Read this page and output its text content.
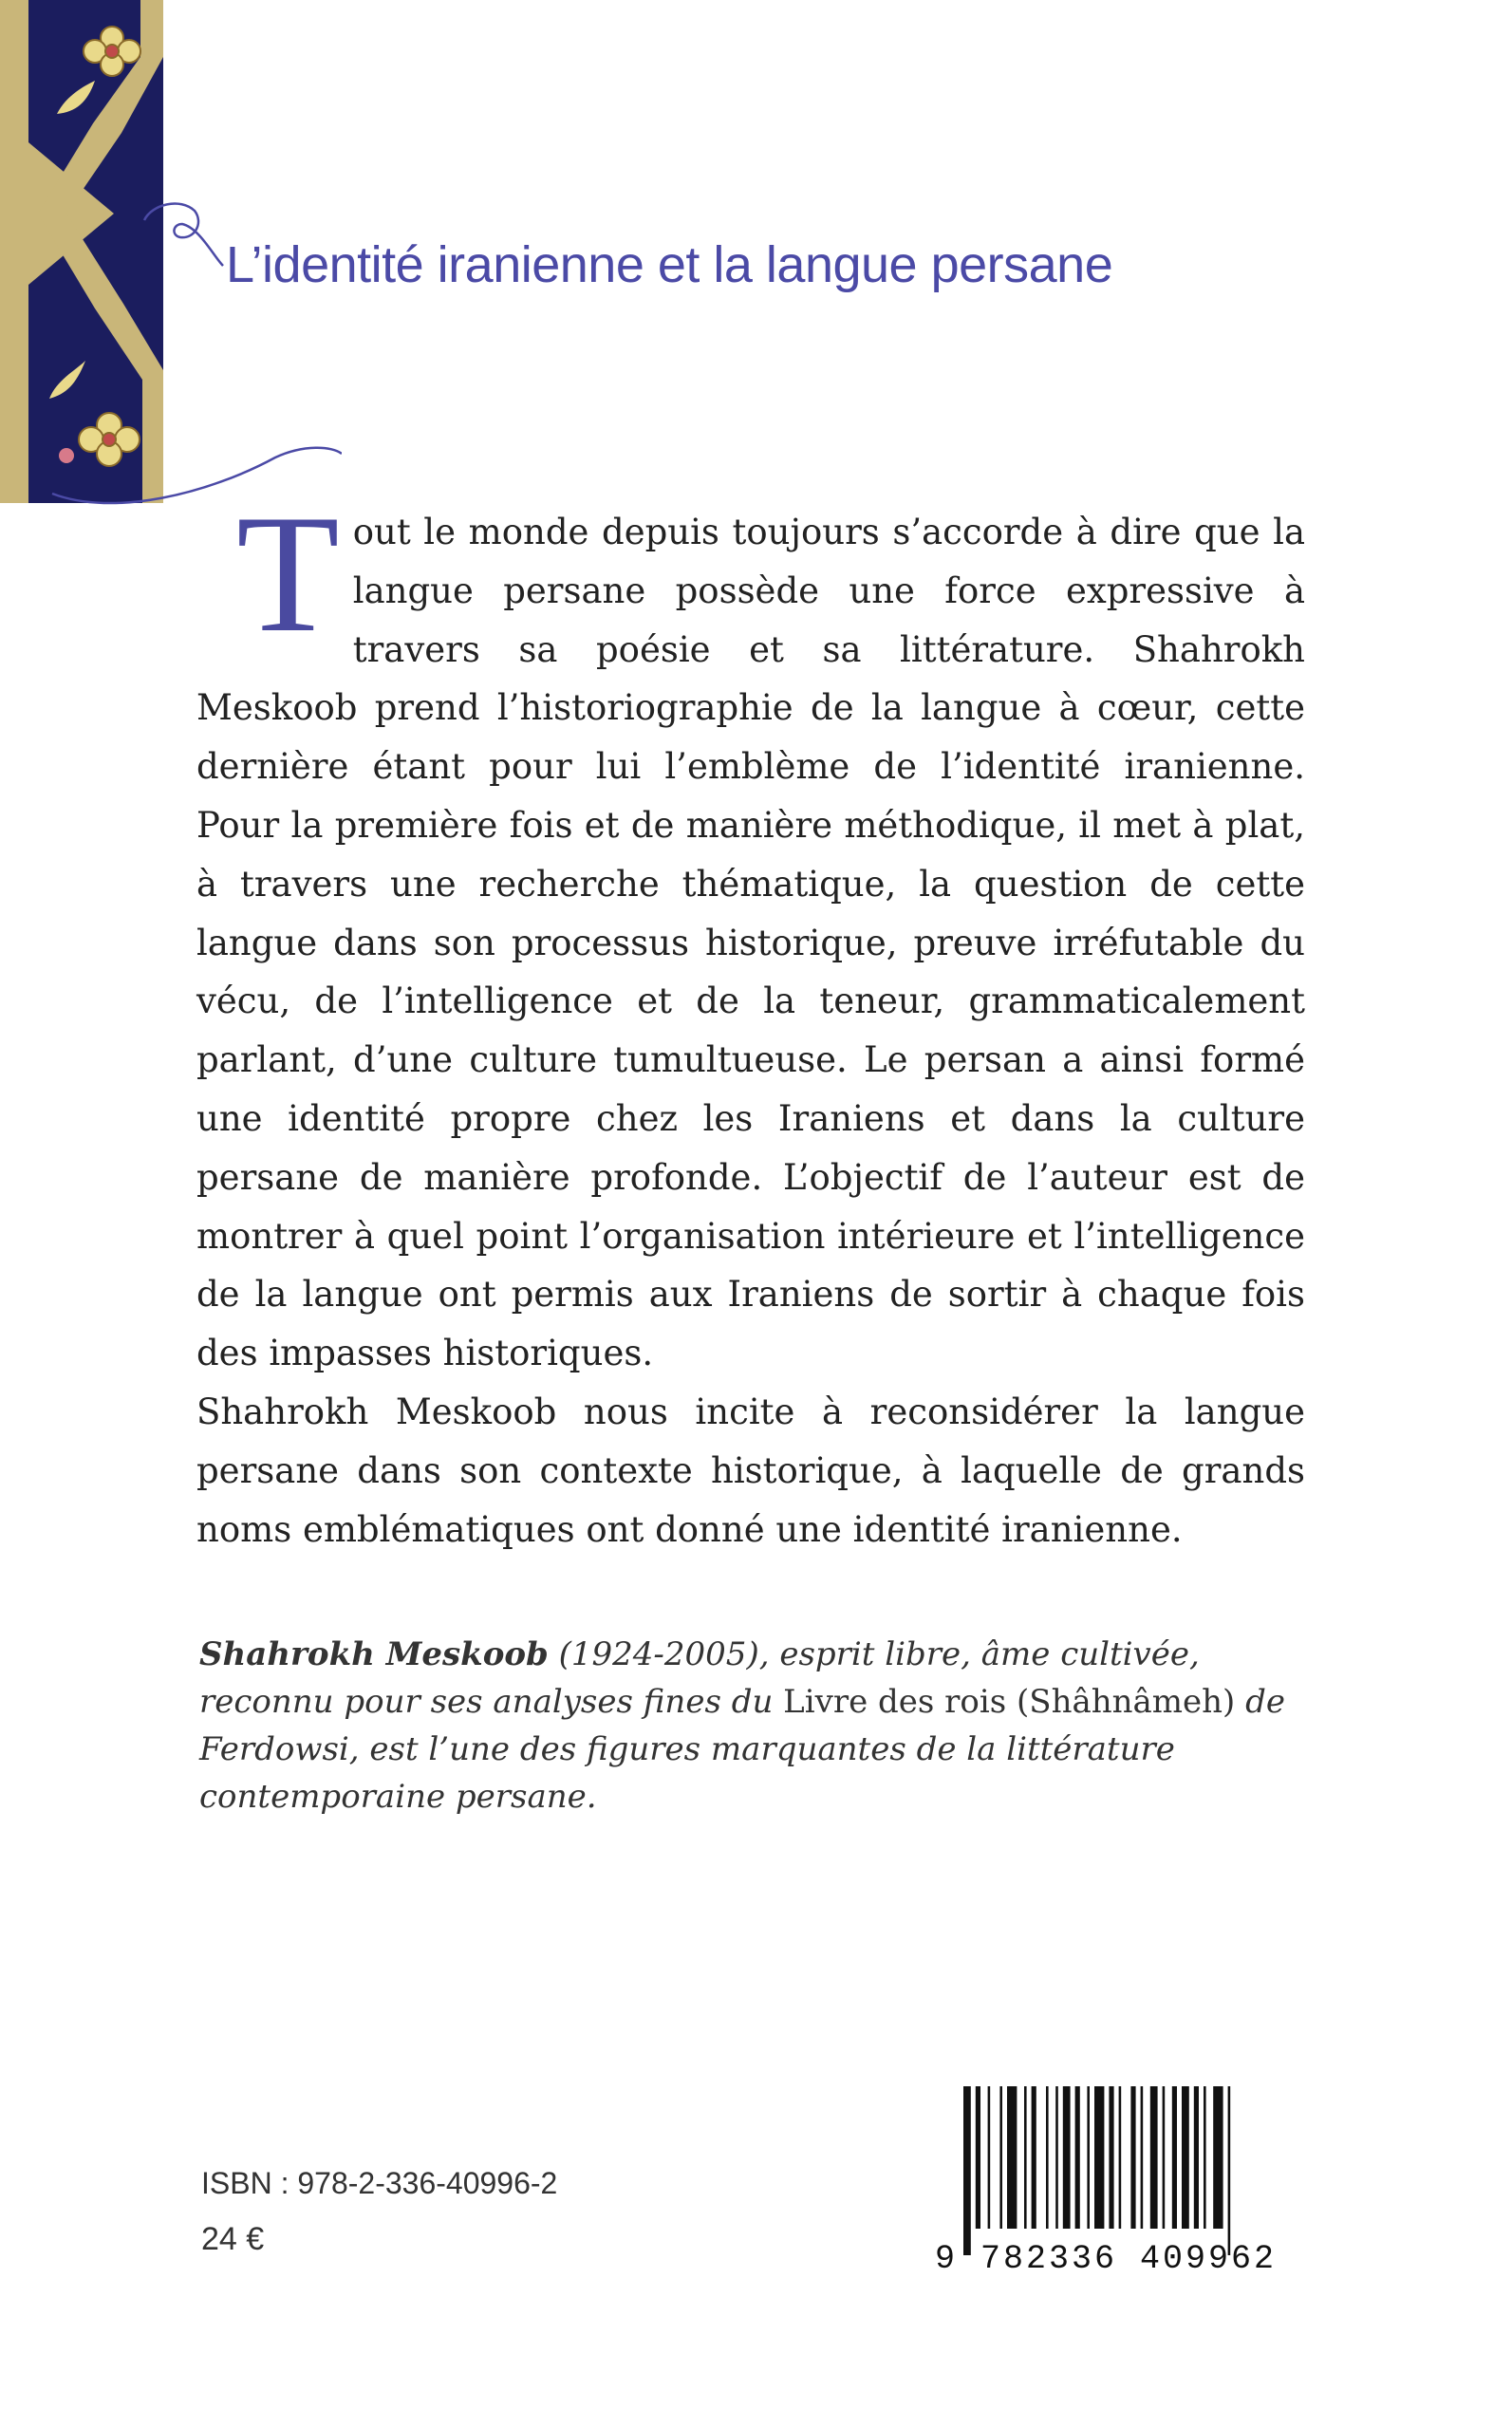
L’identité iranienne et la langue persane

Tout le monde depuis toujours s’accorde à dire que la langue persane possède une force expressive à travers sa poésie et sa littérature. Shahrokh Meskoob prend l’historiographie de la langue à cœur, cette dernière étant pour lui l’emblème de l’identité iranienne. Pour la première fois et de manière méthodique, il met à plat, à travers une recherche thématique, la question de cette langue dans son processus historique, preuve irréfutable du vécu, de l’intelligence et de la teneur, grammaticalement parlant, d’une culture tumultueuse. Le persan a ainsi formé une identité propre chez les Iraniens et dans la culture persane de manière profonde. L’objectif de l’auteur est de montrer à quel point l’organisation intérieure et l’intelligence de la langue ont permis aux Iraniens de sortir à chaque fois des impasses historiques.

Shahrokh Meskoob nous incite à reconsidérer la langue persane dans son contexte historique, à laquelle de grands noms emblématiques ont donné une identité iranienne.

Shahrokh Meskoob (1924-2005), esprit libre, âme cultivée, reconnu pour ses analyses fines du Livre des rois (Shâhnâmeh) de Ferdowsi, est l’une des figures marquantes de la littérature contemporaine persane.

ISBN : 978-2-336-40996-2
24 €
9 782336 409962
